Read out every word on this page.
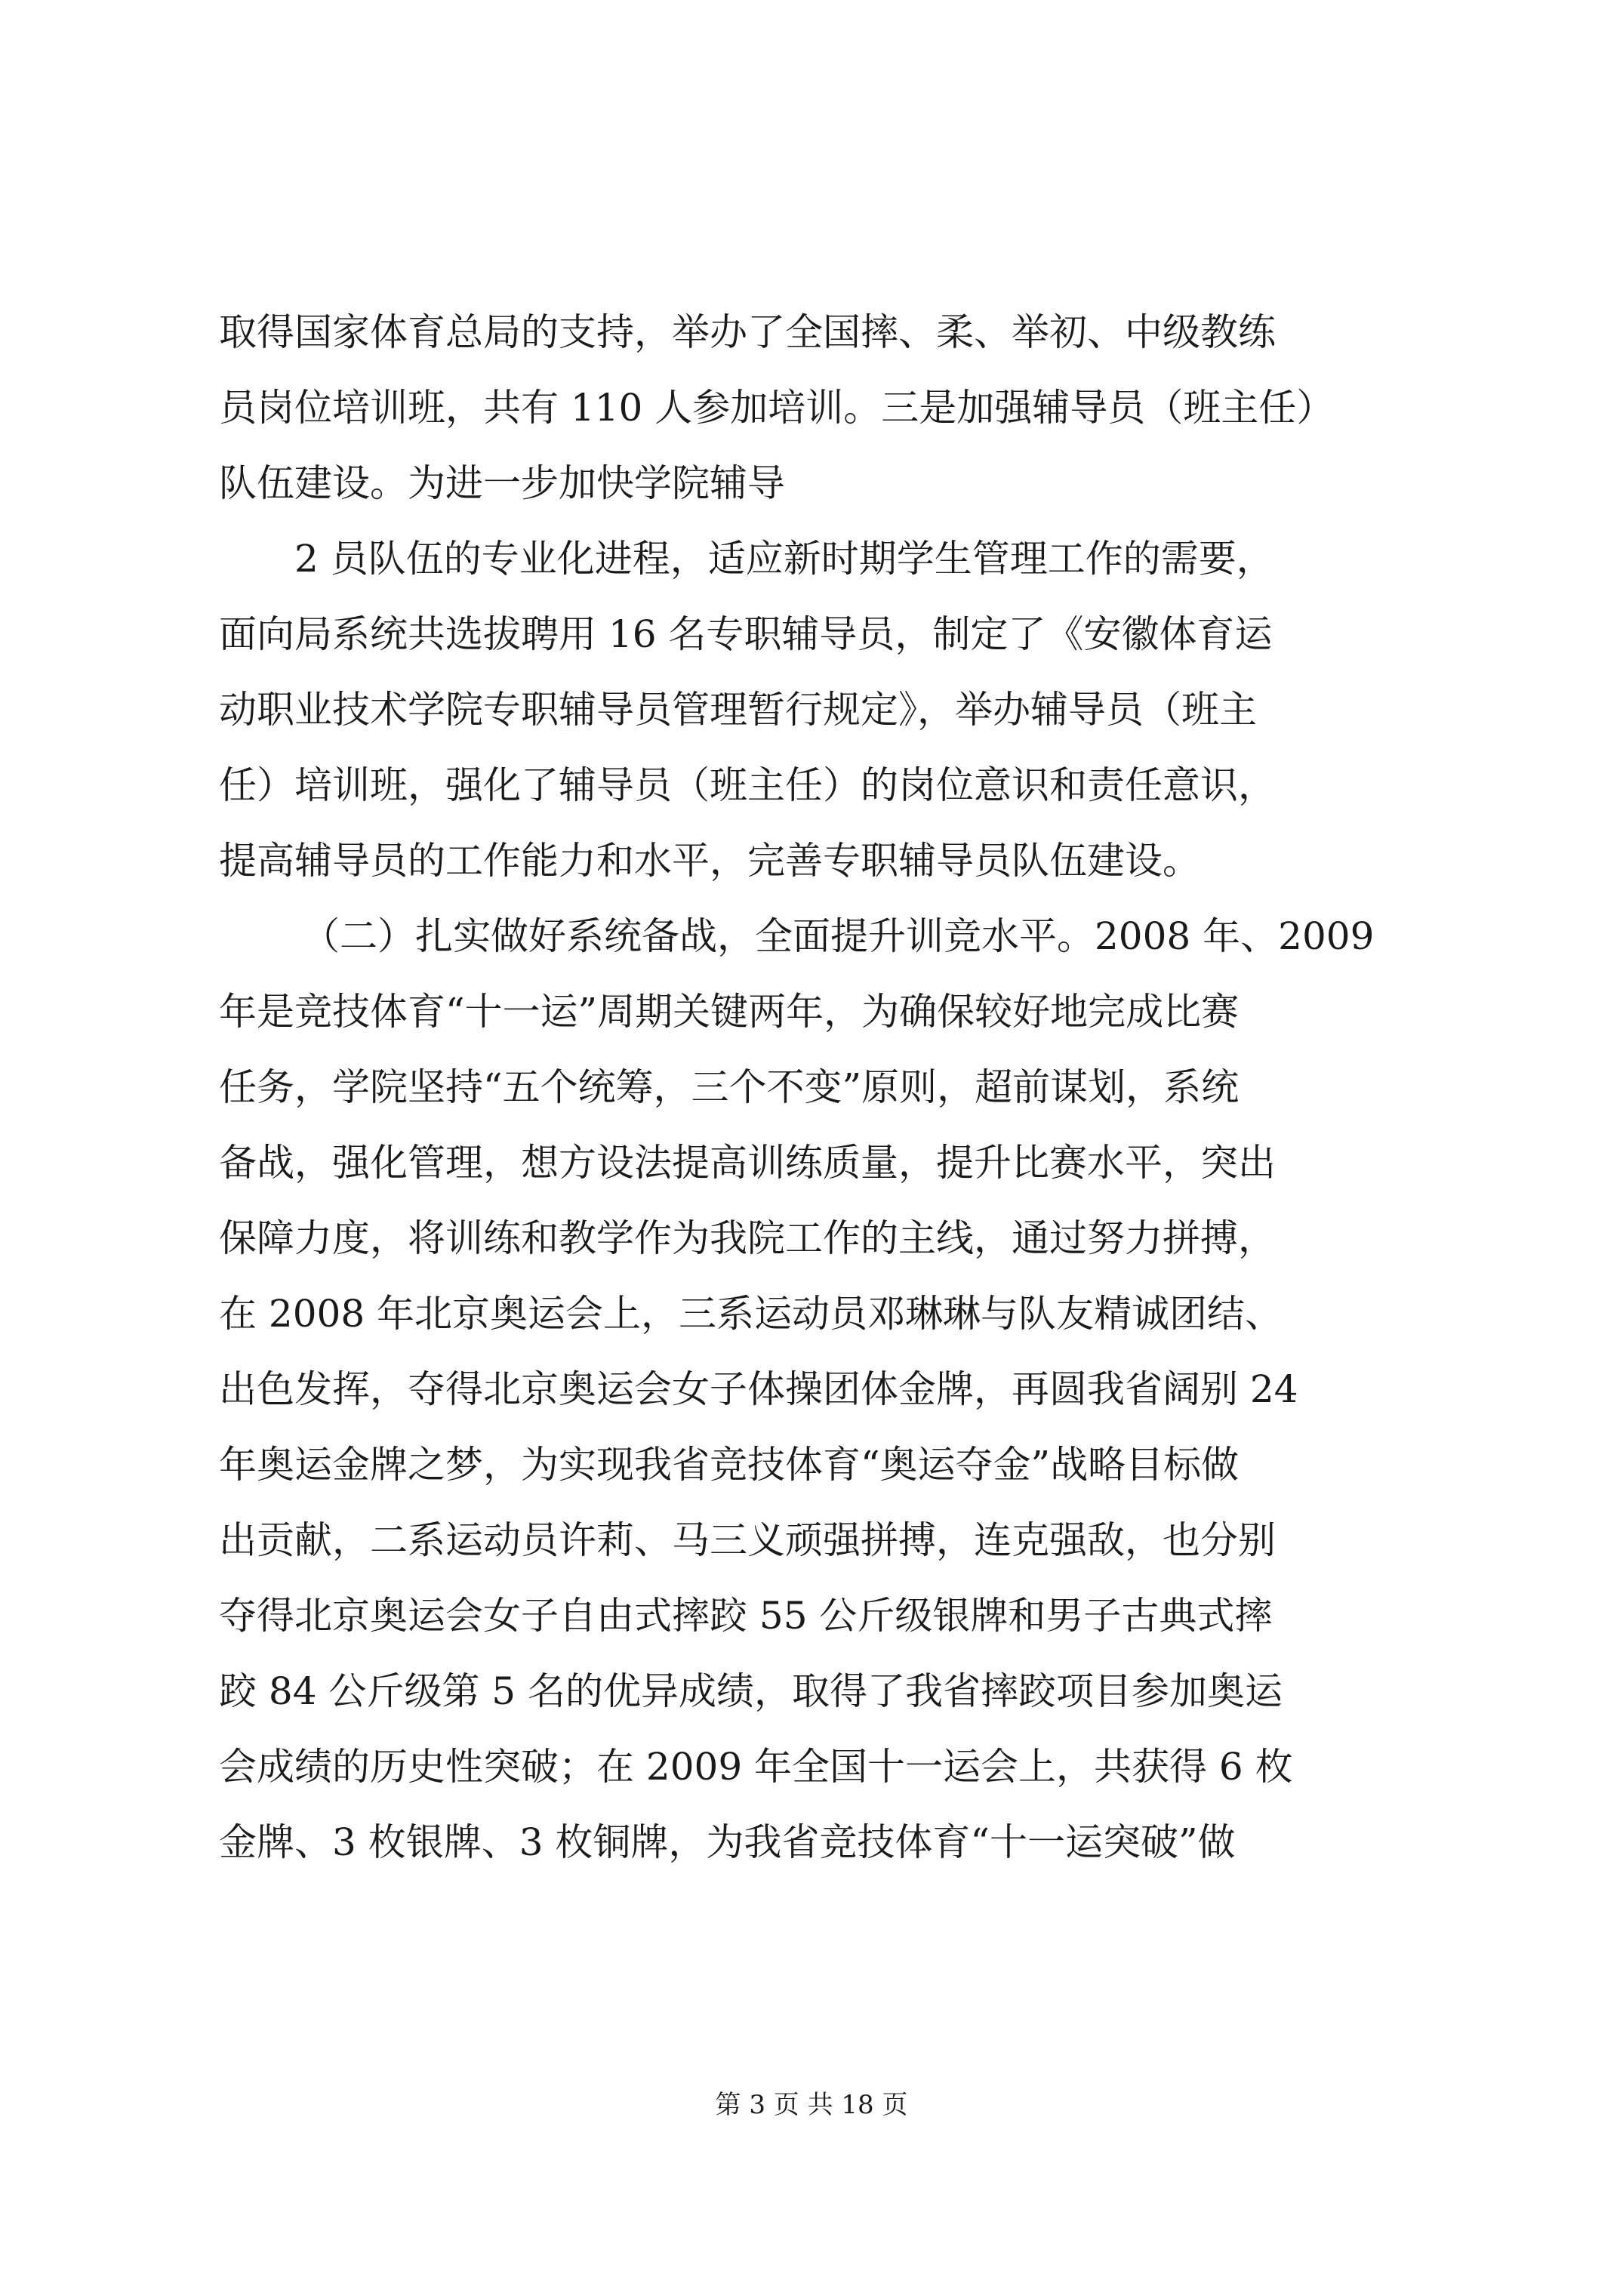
取得国家体育总局的支持，举办了全国摔、柔、举初、中级教练
员岗位培训班，共有 110 人参加培训。三是加强辅导员（班主任）
队伍建设。为进一步加快学院辅导
2 员队伍的专业化进程，适应新时期学生管理工作的需要，
面向局系统共选拔聘用 16 名专职辅导员，制定了《安徽体育运
动职业技术学院专职辅导员管理暂行规定》，举办辅导员（班主
任）培训班，强化了辅导员（班主任）的岗位意识和责任意识，
提高辅导员的工作能力和水平，完善专职辅导员队伍建设。
（二）扎实做好系统备战，全面提升训竞水平。2008 年、2009
年是竞技体育“十一运”周期关键两年，为确保较好地完成比赛
任务，学院坚持“五个统筹，三个不变”原则，超前谋划，系统
备战，强化管理，想方设法提高训练质量，提升比赛水平，突出
保障力度，将训练和教学作为我院工作的主线，通过努力拼搏，
在 2008 年北京奥运会上，三系运动员邓琳琳与队友精诚团结、
出色发挥，夺得北京奥运会女子体操团体金牌，再圆我省阔别 24
年奥运金牌之梦，为实现我省竞技体育“奥运夺金”战略目标做
出贡献，二系运动员许莉、马三义顽强拼搏，连克强敌，也分别
夺得北京奥运会女子自由式摔跤 55 公斤级银牌和男子古典式摔
跤 84 公斤级第 5 名的优异成绩，取得了我省摔跤项目参加奥运
会成绩的历史性突破；在 2009 年全国十一运会上，共获得 6 枚
金牌、3 枚银牌、3 枚铜牌，为我省竞技体育“十一运突破”做
第 3 页 共 18 页
